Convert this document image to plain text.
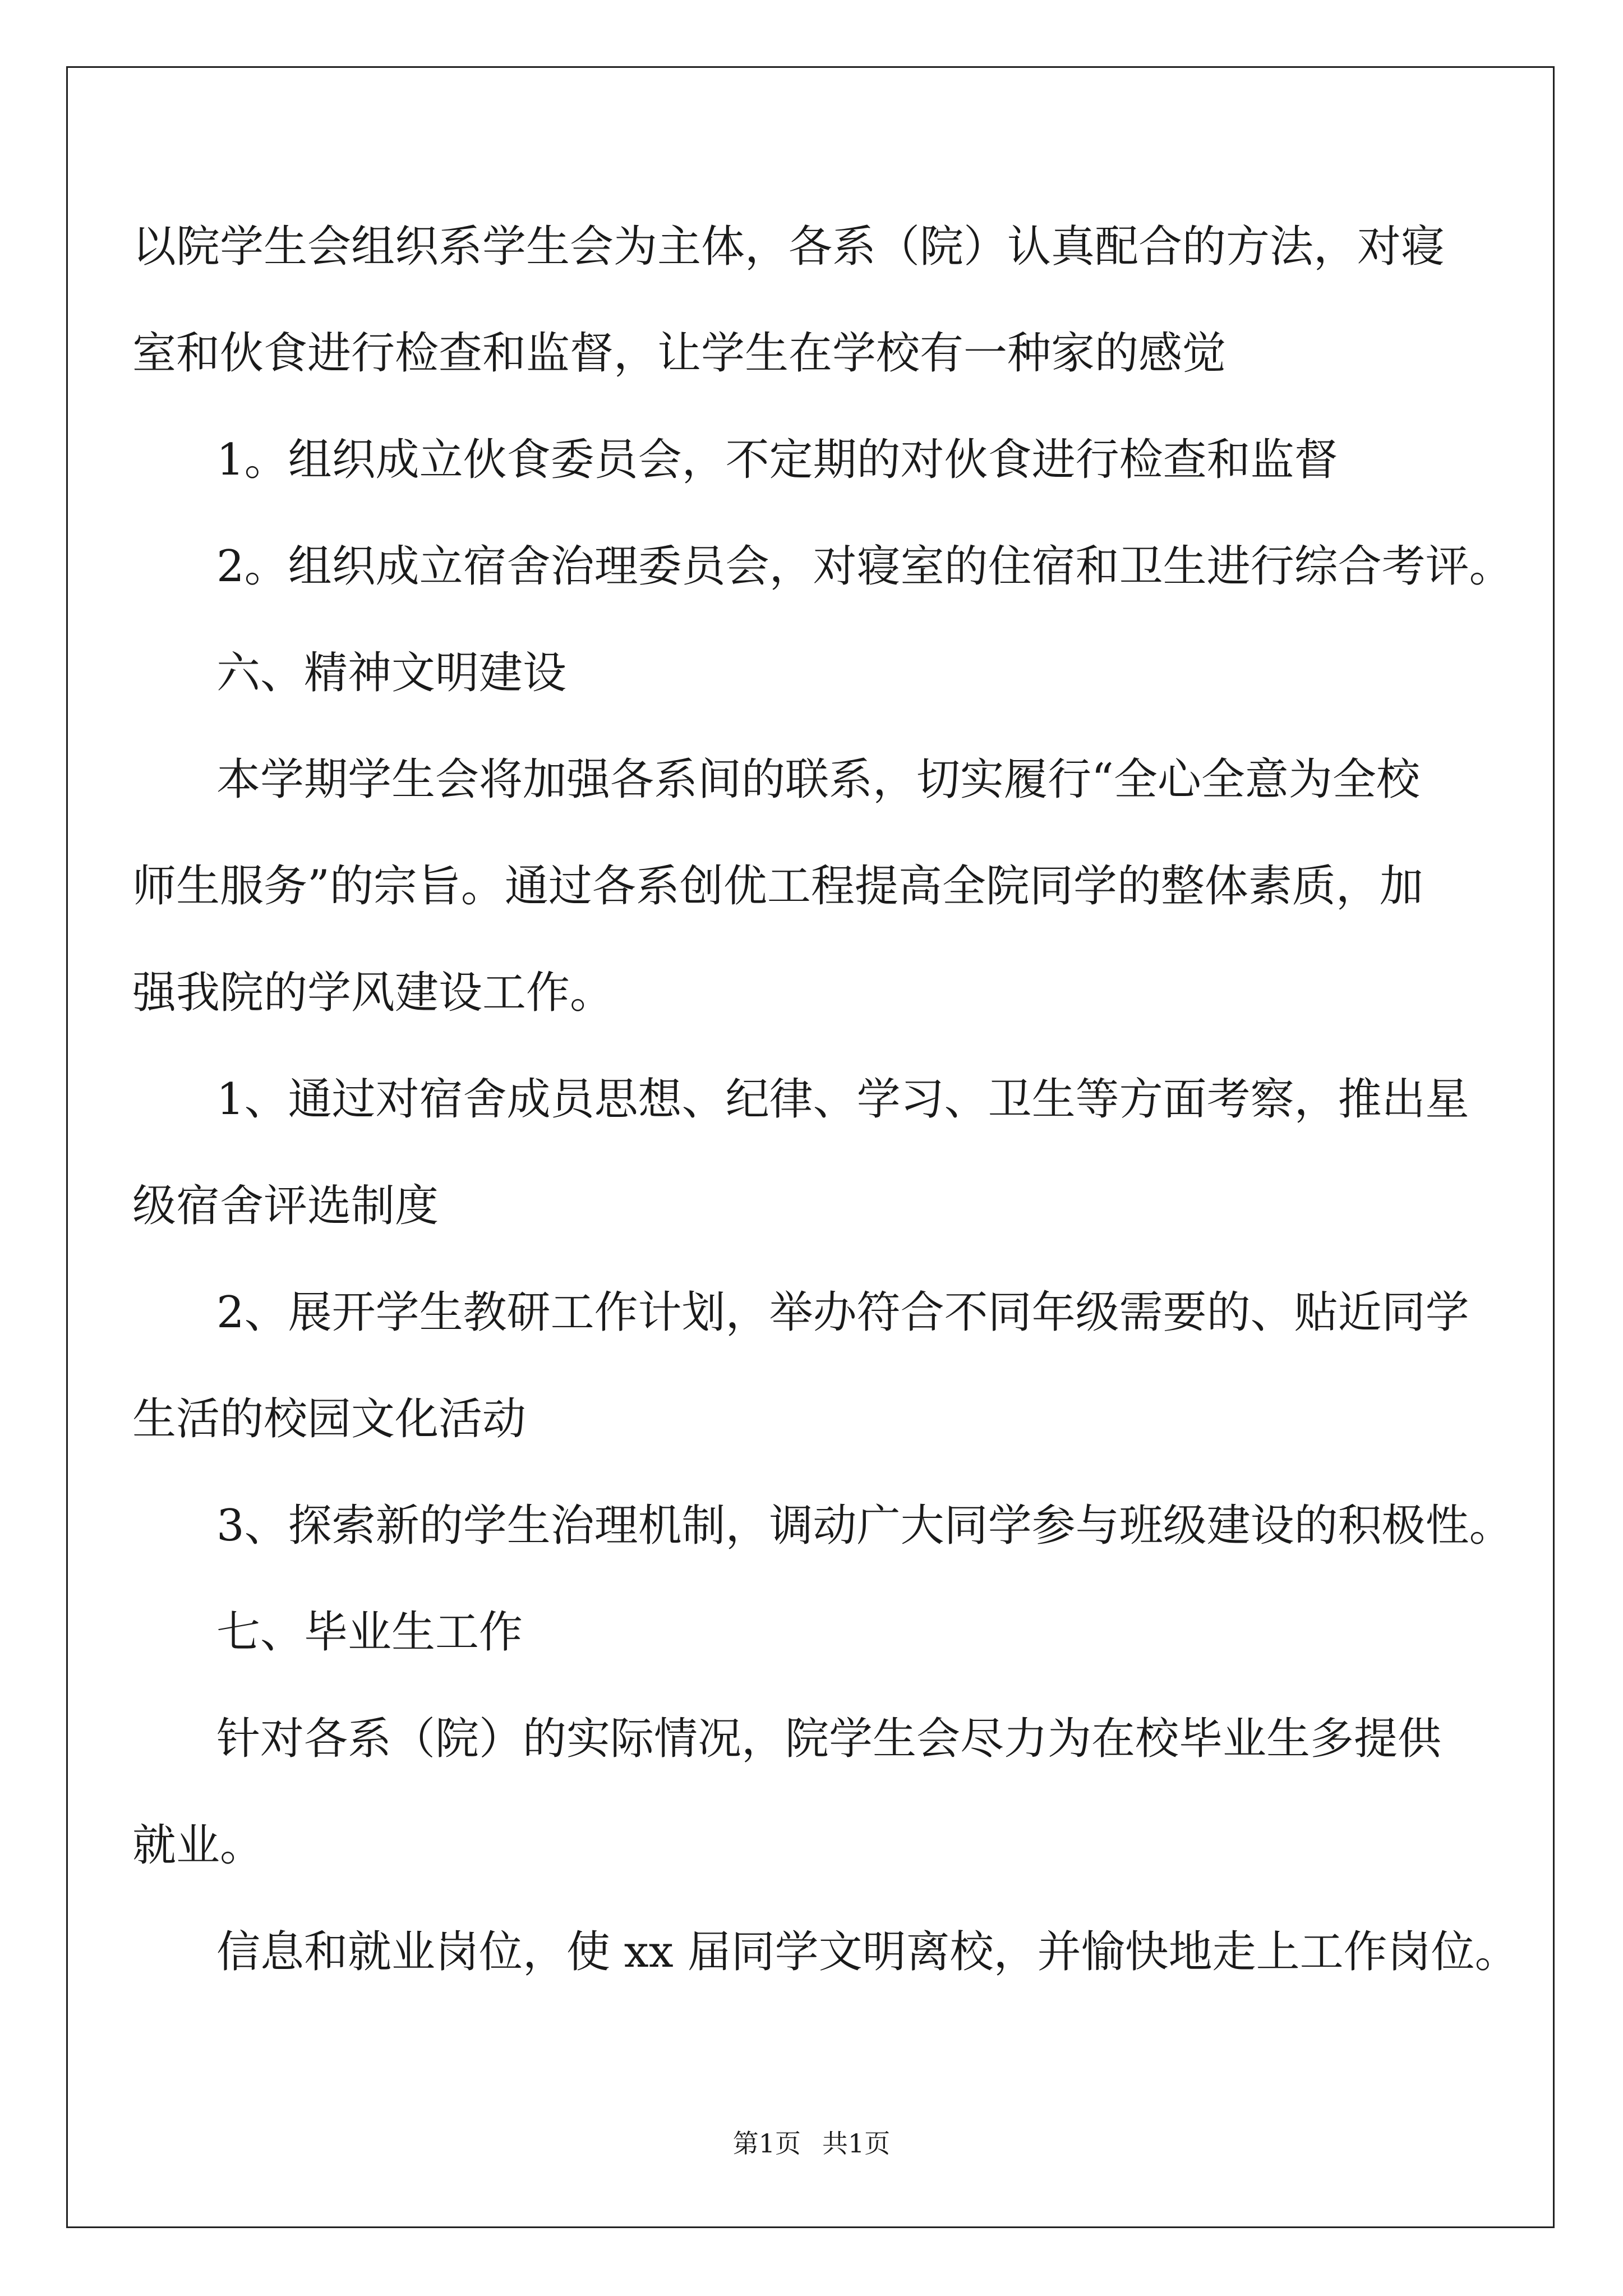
以院学生会组织系学生会为主体，各系（院）认真配合的方法，对寝
室和伙食进行检查和监督，让学生在学校有一种家的感觉
1。组织成立伙食委员会，不定期的对伙食进行检查和监督
2。组织成立宿舍治理委员会，对寝室的住宿和卫生进行综合考评。
六、精神文明建设
本学期学生会将加强各系间的联系，切实履行“全心全意为全校
师生服务”的宗旨。通过各系创优工程提高全院同学的整体素质，加
强我院的学风建设工作。
1、通过对宿舍成员思想、纪律、学习、卫生等方面考察，推出星
级宿舍评选制度
2、展开学生教研工作计划，举办符合不同年级需要的、贴近同学
生活的校园文化活动
3、探索新的学生治理机制，调动广大同学参与班级建设的积极性。
七、毕业生工作
针对各系（院）的实际情况，院学生会尽力为在校毕业生多提供
就业。
信息和就业岗位，使 xx 届同学文明离校，并愉快地走上工作岗位。
第1页 共1页
